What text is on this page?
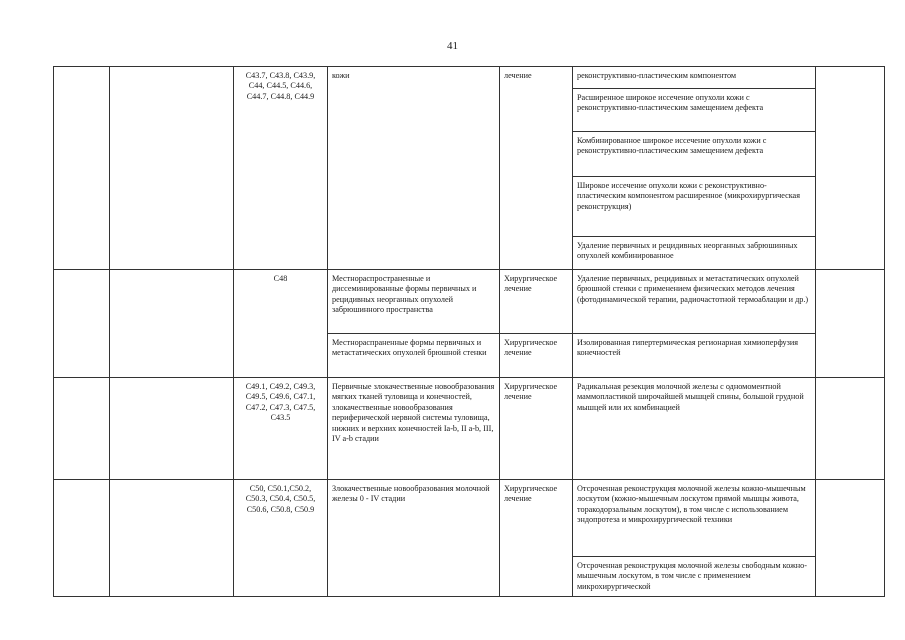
41
		C43.7, C43.8, C43.9, C44, C44.5, C44.6, C44.7, C44.8, C44.9	кожи	лечение	реконструктивно-пластическим компонентом	
					Расширенное широкое иссечение опухоли кожи с реконструктивно-пластическим замещением дефекта	
					Комбинированное широкое иссечение опухоли кожи с реконструктивно-пластическим замещением дефекта	
					Широкое иссечение опухоли кожи с реконструктивно-пластическим компонентом расширенное (микрохирургическая реконструкция)	
					Удаление первичных и рецидивных неорганных забрюшинных опухолей комбинированное	
		C48	Местнораспространенные и диссеминированные формы первичных и рецидивных неорганных опухолей забрюшинного пространства	Хирургическое лечение	Удаление первичных, рецидивных и метастатических опухолей брюшной стенки с применением физических методов лечения (фотодинамической терапии, радиочастотной термоаблации и др.)	
			Местнораспраненные формы первичных и метастатических опухолей брюшной стенки	Хирургическое лечение	Изолированная гипертермическая регионарная химиоперфузия конечностей	
		C49.1, C49.2, C49.3, C49.5, C49.6, C47.1, C47.2, C47.3, C47.5, C43.5	Первичные злокачественные новообразования мягких тканей туловища и конечностей, злокачественные новообразования периферической нервной системы туловища, нижних и верхних конечностей Ia-b, II a-b, III, IV a-b стадии	Хирургическое лечение	Радикальная резекция молочной железы с одномоментной маммопластикой широчайшей мышцей спины, большой грудной мышцей или их комбинацией	
		C50, C50.1,C50.2, C50.3, C50.4, C50.5, C50.6, C50.8, C50.9	Злокачественные новообразования молочной железы 0 - IV стадии	Хирургическое лечение	Отсроченная реконструкция молочной железы кожно-мышечным лоскутом (кожно-мышечным лоскутом прямой мышцы живота, торакодорзальным лоскутом), в том числе с использованием эндопротеза и микрохирургической техники	
					Отсроченная реконструкция молочной железы свободным кожно-мышечным лоскутом, в том числе с применением микрохирургической	
